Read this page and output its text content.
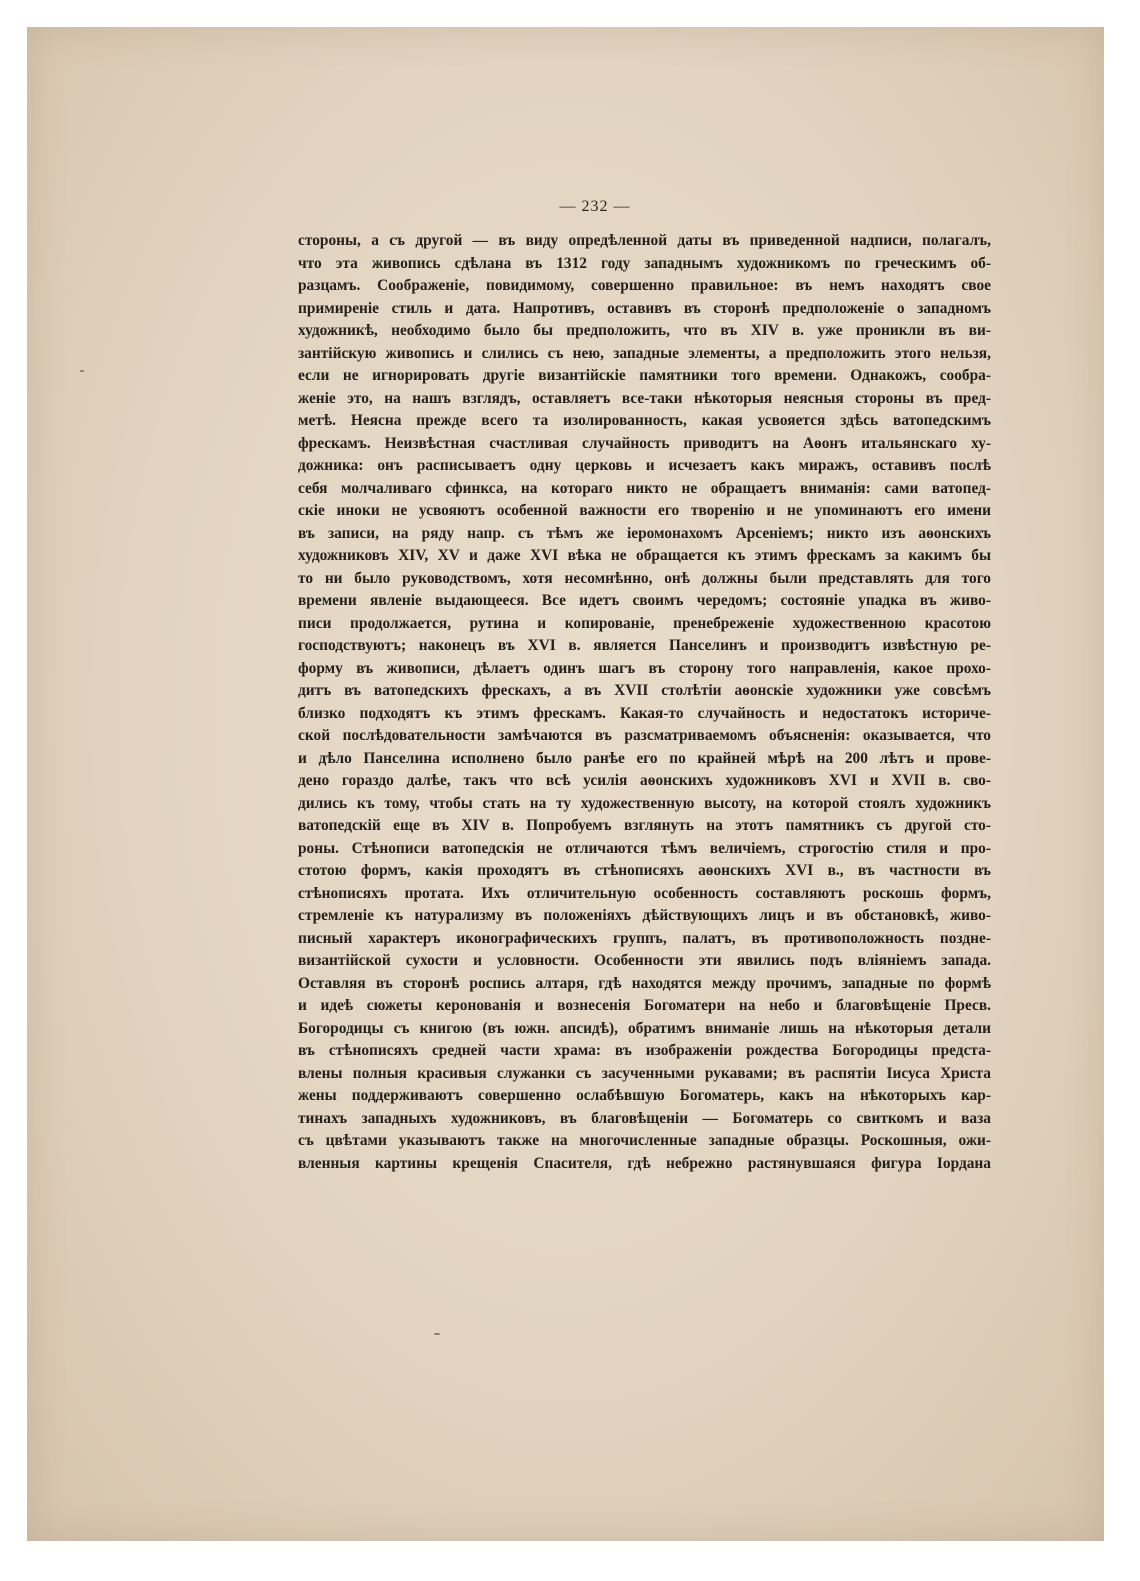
— 232 —
стороны, а съ другой — въ виду опредѣленной даты въ приведенной надписи, полагалъ,
что эта живопись сдѣлана въ 1312 году западнымъ художникомъ по греческимъ об-
разцамъ. Соображеніе, повидимому, совершенно правильное: въ немъ находятъ свое
примиреніе стиль и дата. Напротивъ, оставивъ въ сторонѣ предположеніе о западномъ
художникѣ, необходимо было бы предположить, что въ XIV в. уже проникли въ ви-
зантійскую живопись и слились съ нею, западные элементы, а предположить этого нельзя,
если не игнорировать другіе византійскіе памятники того времени. Однакожъ, сообра-
женіе это, на нашъ взглядъ, оставляетъ все-таки нѣкоторыя неясныя стороны въ пред-
метѣ. Неясна прежде всего та изолированность, какая усвояется здѣсь ватопедскимъ
фрескамъ. Неизвѣстная счастливая случайность приводитъ на Аѳонъ итальянскаго ху-
дожника: онъ расписываетъ одну церковь и исчезаетъ какъ миражъ, оставивъ послѣ
себя молчаливаго сфинкса, на котораго никто не обращаетъ вниманія: сами ватопед-
скіе иноки не усвояютъ особенной важности его творенію и не упоминаютъ его имени
въ записи, на ряду напр. съ тѣмъ же іеромонахомъ Арсеніемъ; никто изъ аѳонскихъ
художниковъ XIV, XV и даже XVI вѣка не обращается къ этимъ фрескамъ за какимъ бы
то ни было руководствомъ, хотя несомнѣнно, онѣ должны были представлять для того
времени явленіе выдающееся. Все идетъ своимъ чередомъ; состояніе упадка въ живо-
писи продолжается, рутина и копированіе, пренебреженіе художественною красотою
господствуютъ; наконецъ въ XVI в. является Панселинъ и производитъ извѣстную ре-
форму въ живописи, дѣлаетъ одинъ шагъ въ сторону того направленія, какое прохо-
дитъ въ ватопедскихъ фрескахъ, а въ XVII столѣтіи аѳонскіе художники уже совсѣмъ
близко подходятъ къ этимъ фрескамъ. Какая-то случайность и недостатокъ историче-
ской послѣдовательности замѣчаются въ разсматриваемомъ объясненія: оказывается, что
и дѣло Панселина исполнено было ранѣе его по крайней мѣрѣ на 200 лѣтъ и прове-
дено гораздо далѣе, такъ что всѣ усилія аѳонскихъ художниковъ XVI и XVII в. сво-
дились къ тому, чтобы стать на ту художественную высоту, на которой стоялъ художникъ
ватопедскій еще въ XIV в. Попробуемъ взглянуть на этотъ памятникъ съ другой сто-
роны. Стѣнописи ватопедскія не отличаются тѣмъ величіемъ, строгостію стиля и про-
стотою формъ, какія проходятъ въ стѣнописяхъ аѳонскихъ XVI в., въ частности въ
стѣнописяхъ протата. Ихъ отличительную особенность составляютъ роскошь формъ,
стремленіе къ натурализму въ положеніяхъ дѣйствующихъ лицъ и въ обстановкѣ, живо-
писный характеръ иконографическихъ группъ, палатъ, въ противоположность поздне-
византійской сухости и условности. Особенности эти явились подъ вліяніемъ запада.
Оставляя въ сторонѣ роспись алтаря, гдѣ находятся между прочимъ, западные по формѣ
и идеѣ сюжеты керонованія и вознесенія Богоматери на небо и благовѣщеніе Пресв.
Богородицы съ книгою (въ южн. апсидѣ), обратимъ вниманіе лишь на нѣкоторыя детали
въ стѣнописяхъ средней части храма: въ изображеніи рождества Богородицы предста-
влены полныя красивыя служанки съ засученными рукавами; въ распятіи Іисуса Христа
жены поддерживаютъ совершенно ослабѣвшую Богоматерь, какъ на нѣкоторыхъ кар-
тинахъ западныхъ художниковъ, въ благовѣщеніи — Богоматерь со свиткомъ и ваза
съ цвѣтами указываютъ также на многочисленные западные образцы. Роскошныя, ожи-
вленныя картины крещенія Спасителя, гдѣ небрежно растянувшаяся фигура Іордана
